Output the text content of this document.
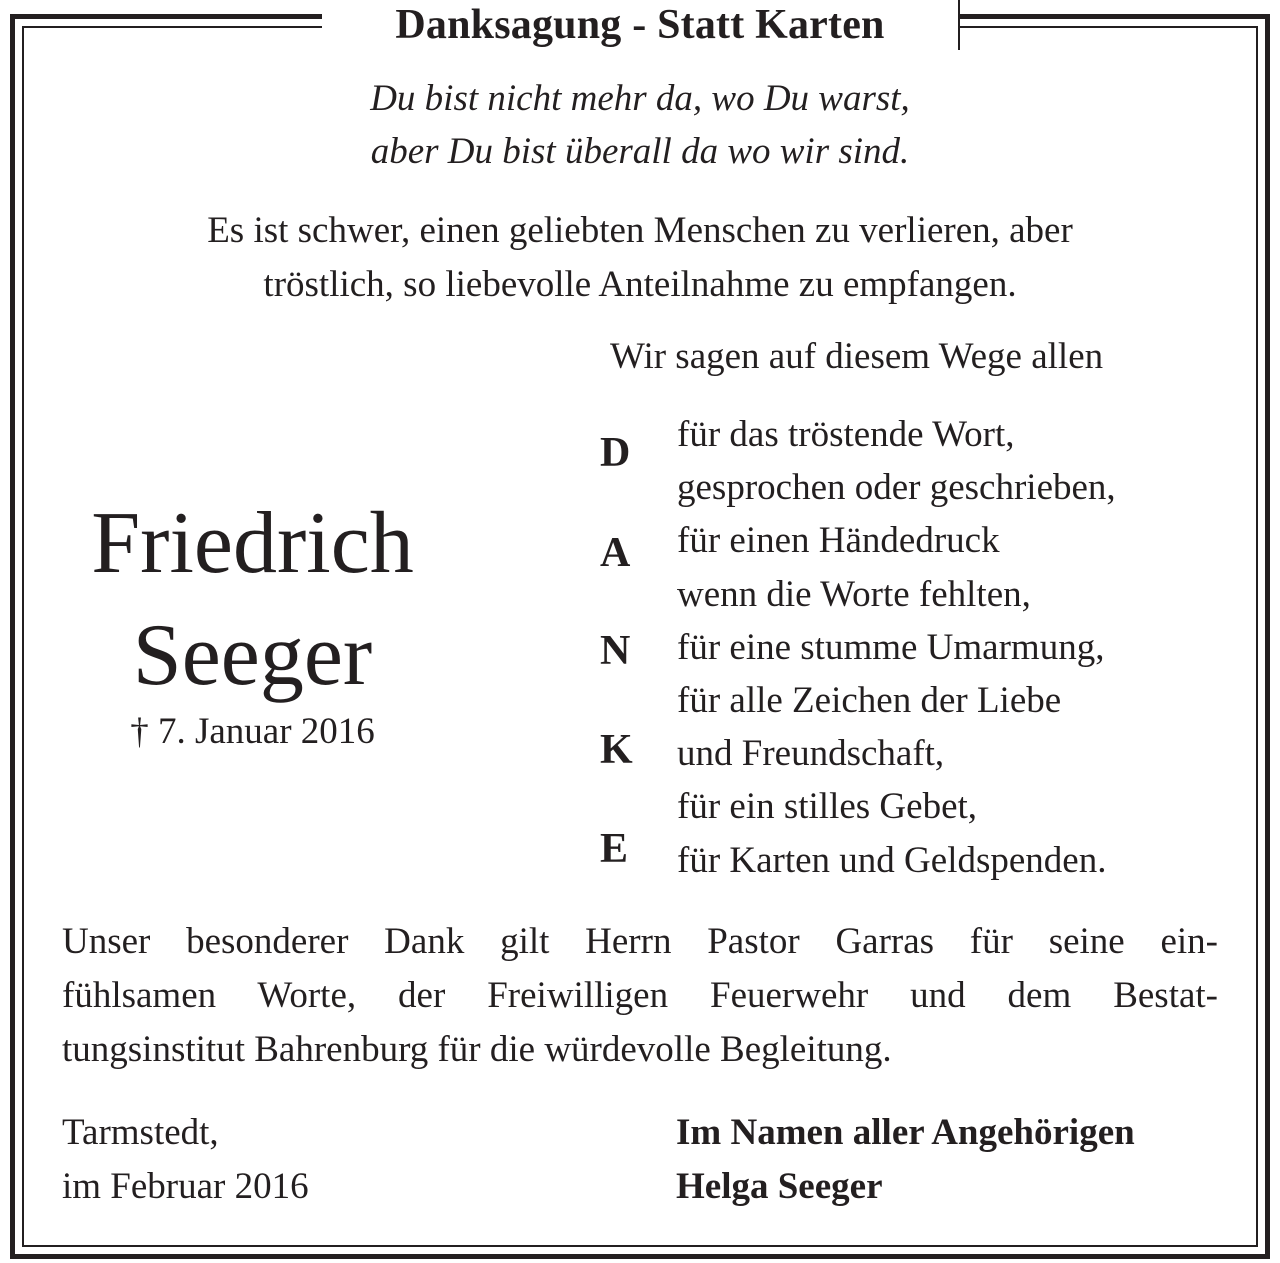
Danksagung - Statt Karten
Du bist nicht mehr da, wo Du warst,
aber Du bist überall da wo wir sind.
Es ist schwer, einen geliebten Menschen zu verlieren, aber
tröstlich, so liebevolle Anteilnahme zu empfangen.
Friedrich
Seeger
† 7. Januar 2016
Wir sagen auf diesem Wege allen
D
A
N
K
E
für das tröstende Wort,
gesprochen oder geschrieben,
für einen Händedruck
wenn die Worte fehlten,
für eine stumme Umarmung,
für alle Zeichen der Liebe
und Freundschaft,
für ein stilles Gebet,
für Karten und Geldspenden.
Unser besonderer Dank gilt Herrn Pastor Garras für seine ein-
fühlsamen Worte, der Freiwilligen Feuerwehr und dem Bestat-
tungsinstitut Bahrenburg für die würdevolle Begleitung.
Tarmstedt,
im Februar 2016
Im Namen aller Angehörigen
Helga Seeger
